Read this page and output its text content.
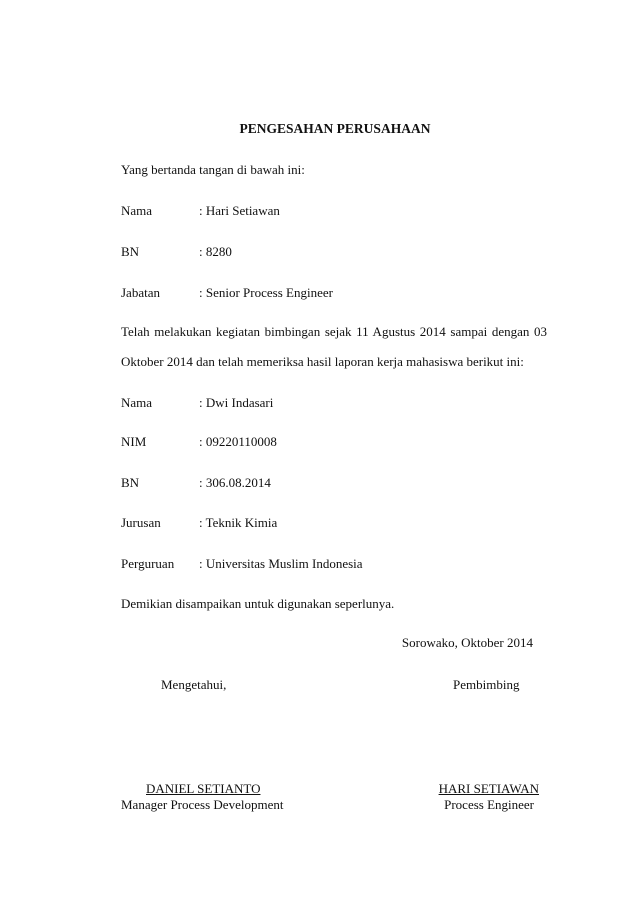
PENGESAHAN PERUSAHAAN
Yang bertanda tangan di bawah ini:
Nama	: Hari Setiawan
BN	: 8280
Jabatan	: Senior Process Engineer
Telah melakukan kegiatan bimbingan sejak 11 Agustus 2014 sampai dengan 03
Oktober 2014 dan telah memeriksa hasil laporan kerja mahasiswa berikut ini:
Nama	: Dwi Indasari
NIM	: 09220110008
BN	: 306.08.2014
Jurusan	: Teknik Kimia
Perguruan : Universitas Muslim Indonesia
Demikian disampaikan untuk digunakan seperlunya.
Sorowako, Oktober 2014
Mengetahui,	Pembimbing
DANIEL SETIANTO
Manager Process Development
HARI SETIAWAN
Process Engineer
